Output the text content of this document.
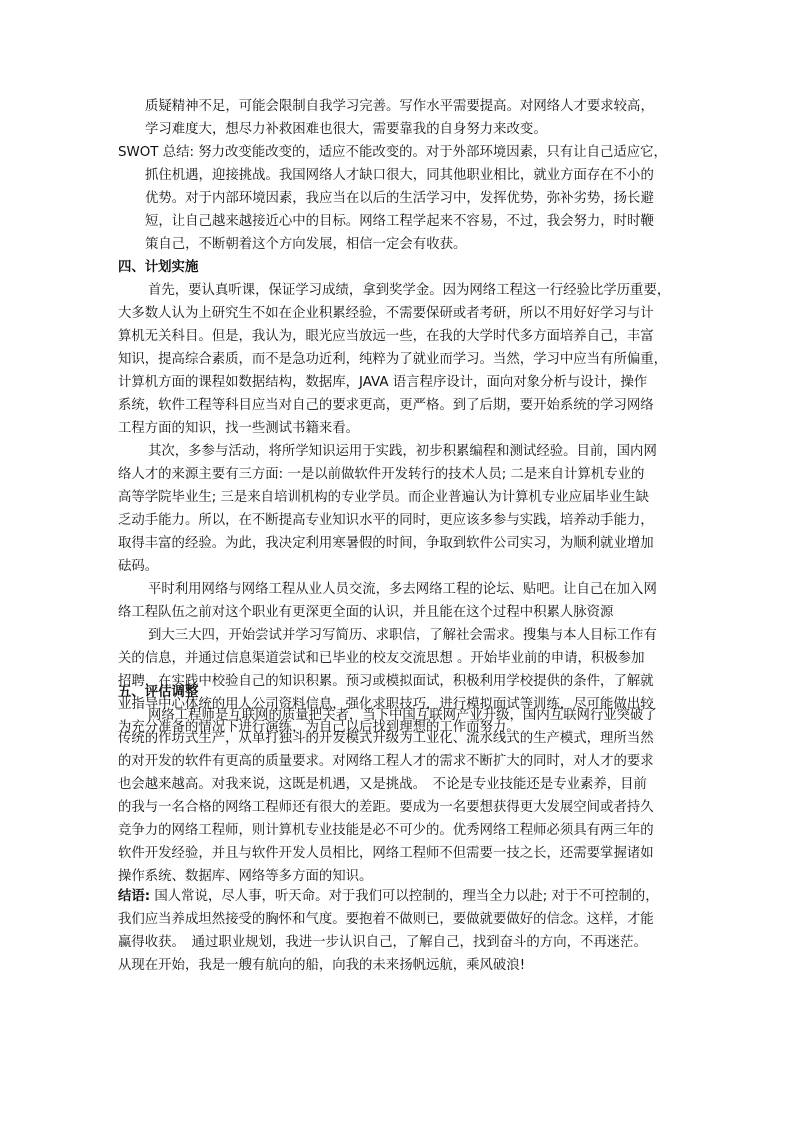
质疑精神不足，可能会限制自我学习完善。写作水平需要提高。对网络人才要求较高，
学习难度大，想尽力补救困难也很大，需要靠我的自身努力来改变。
SWOT 总结: 努力改变能改变的，适应不能改变的。对于外部环境因素，只有让自己适应它，
抓住机遇，迎接挑战。我国网络人才缺口很大，同其他职业相比，就业方面存在不小的
优势。对于内部环境因素，我应当在以后的生活学习中，发挥优势，弥补劣势，扬长避
短，让自己越来越接近心中的目标。网络工程学起来不容易，不过，我会努力，时时鞭
策自己，不断朝着这个方向发展，相信一定会有收获。
四、计划实施
首先，要认真听课，保证学习成绩，拿到奖学金。因为网络工程这一行经验比学历重要，
大多数人认为上研究生不如在企业积累经验，不需要保研或者考研，所以不用好好学习与计
算机无关科目。但是，我认为，眼光应当放远一些，在我的大学时代多方面培养自己，丰富
知识，提高综合素质，而不是急功近利，纯粹为了就业而学习。当然，学习中应当有所偏重，
计算机方面的课程如数据结构，数据库，JAVA 语言程序设计，面向对象分析与设计，操作
系统，软件工程等科目应当对自己的要求更高，更严格。到了后期，要开始系统的学习网络
工程方面的知识，找一些测试书籍来看。
其次，多参与活动，将所学知识运用于实践，初步积累编程和测试经验。目前，国内网
络人才的来源主要有三方面: 一是以前做软件开发转行的技术人员; 二是来自计算机专业的
高等学院毕业生; 三是来自培训机构的专业学员。而企业普遍认为计算机专业应届毕业生缺
乏动手能力。所以，在不断提高专业知识水平的同时，更应该多参与实践，培养动手能力，
取得丰富的经验。为此，我决定利用寒暑假的时间，争取到软件公司实习，为顺利就业增加
砝码。
平时利用网络与网络工程从业人员交流，多去网络工程的论坛、贴吧。让自己在加入网
络工程队伍之前对这个职业有更深更全面的认识，并且能在这个过程中积累人脉资源
到大三大四，开始尝试并学习写简历、求职信，了解社会需求。搜集与本人目标工作有
关的信息，并通过信息渠道尝试和已毕业的校友交流思想 。开始毕业前的申请，积极参加
招聘，在实践中校验自己的知识积累。预习或模拟面试，积极利用学校提供的条件，了解就
业指导中心体统的用人公司资料信息，强化求职技巧，进行模拟面试等训练，尽可能做出较
为充分准备的情况下进行演练，为自己以后找到理想的工作而努力。
五、评估调整
网络工程师是互联网的质量把关者，当下中国互联网产业升级，国内互联网行业突破了
传统的作坊式生产，从单打独斗的开发模式升级为工业化、流水线式的生产模式，理所当然
的对开发的软件有更高的质量要求。对网络工程人才的需求不断扩大的同时，对人才的要求
也会越来越高。对我来说，这既是机遇，又是挑战。　不论是专业技能还是专业素养，目前
的我与一名合格的网络工程师还有很大的差距。要成为一名要想获得更大发展空间或者持久
竞争力的网络工程师，则计算机专业技能是必不可少的。优秀网络工程师必须具有两三年的
软件开发经验，并且与软件开发人员相比，网络工程师不但需要一技之长，还需要掌握诸如
操作系统、数据库、网络等多方面的知识。
结语: 国人常说，尽人事，听天命。对于我们可以控制的，理当全力以赴; 对于不可控制的，
我们应当养成坦然接受的胸怀和气度。要抱着不做则已，要做就要做好的信念。这样，才能
赢得收获。　通过职业规划，我进一步认识自己，了解自己，找到奋斗的方向，不再迷茫。
从现在开始，我是一艘有航向的船，向我的未来扬帆远航，乘风破浪!
